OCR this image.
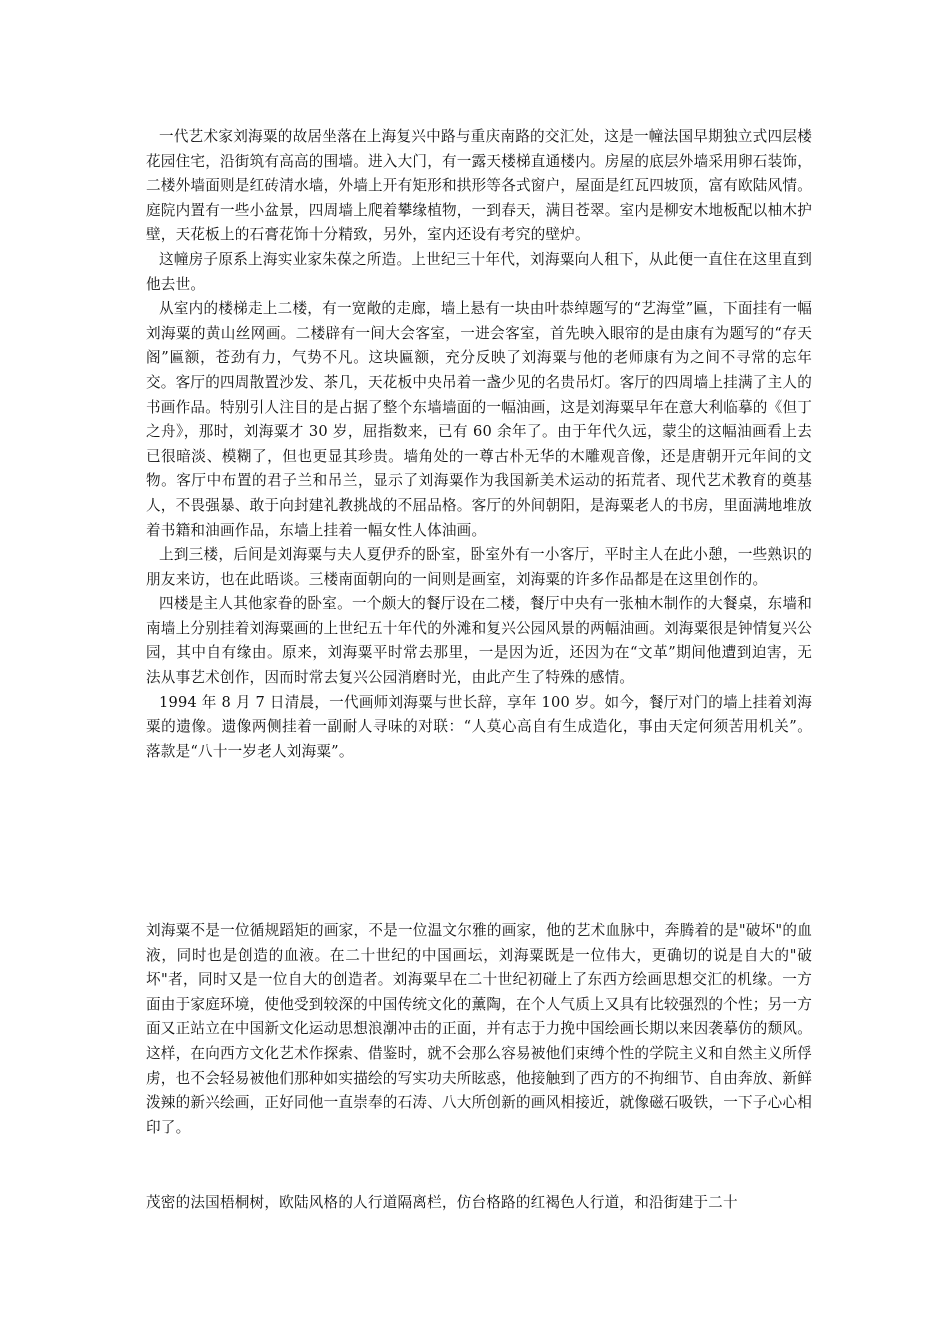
一代艺术家刘海粟的故居坐落在上海复兴中路与重庆南路的交汇处，这是一幢法国早期独立式四层楼花园住宅，沿街筑有高高的围墙。进入大门，有一露天楼梯直通楼内。房屋的底层外墙采用卵石装饰，二楼外墙面则是红砖清水墙，外墙上开有矩形和拱形等各式窗户，屋面是红瓦四坡顶，富有欧陆风情。庭院内置有一些小盆景，四周墙上爬着攀缘植物，一到春天，满目苍翠。室内是柳安木地板配以柚木护壁，天花板上的石膏花饰十分精致，另外，室内还设有考究的壁炉。

这幢房子原系上海实业家朱葆之所造。上世纪三十年代，刘海粟向人租下，从此便一直住在这里直到他去世。

从室内的楼梯走上二楼，有一宽敞的走廊，墙上悬有一块由叶恭绰题写的“艺海堂”匾，下面挂有一幅刘海粟的黄山丝网画。二楼辟有一间大会客室，一进会客室，首先映入眼帘的是由康有为题写的“存天阁”匾额，苍劲有力，气势不凡。这块匾额，充分反映了刘海粟与他的老师康有为之间不寻常的忘年交。客厅的四周散置沙发、茶几，天花板中央吊着一盏少见的名贵吊灯。客厅的四周墙上挂满了主人的书画作品。特别引人注目的是占据了整个东墙墙面的一幅油画，这是刘海粟早年在意大利临摹的《但丁之舟》，那时，刘海粟才 30 岁，屈指数来，已有 60 余年了。由于年代久远，蒙尘的这幅油画看上去已很暗淡、模糊了，但也更显其珍贵。墙角处的一尊古朴无华的木雕观音像，还是唐朝开元年间的文物。客厅中布置的君子兰和吊兰，显示了刘海粟作为我国新美术运动的拓荒者、现代艺术教育的奠基人，不畏强暴、敢于向封建礼教挑战的不屈品格。客厅的外间朝阳，是海粟老人的书房，里面满地堆放着书籍和油画作品，东墙上挂着一幅女性人体油画。

上到三楼，后间是刘海粟与夫人夏伊乔的卧室，卧室外有一小客厅，平时主人在此小憩，一些熟识的朋友来访，也在此晤谈。三楼南面朝向的一间则是画室，刘海粟的许多作品都是在这里创作的。

四楼是主人其他家眷的卧室。一个颇大的餐厅设在二楼，餐厅中央有一张柚木制作的大餐桌，东墙和南墙上分别挂着刘海粟画的上世纪五十年代的外滩和复兴公园风景的两幅油画。刘海粟很是钟情复兴公园，其中自有缘由。原来，刘海粟平时常去那里，一是因为近，还因为在“文革”期间他遭到迫害，无法从事艺术创作，因而时常去复兴公园消磨时光，由此产生了特殊的感情。

1994 年 8 月 7 日清晨，一代画师刘海粟与世长辞，享年 100 岁。如今，餐厅对门的墙上挂着刘海粟的遗像。遗像两侧挂着一副耐人寻味的对联：“人莫心高自有生成造化，事由天定何须苦用机关”。落款是“八十一岁老人刘海粟”。

刘海粟不是一位循规蹈矩的画家，不是一位温文尔雅的画家，他的艺术血脉中，奔腾着的是"破坏"的血液，同时也是创造的血液。在二十世纪的中国画坛，刘海粟既是一位伟大，更确切的说是自大的"破坏"者，同时又是一位自大的创造者。刘海粟早在二十世纪初碰上了东西方绘画思想交汇的机缘。一方面由于家庭环境，使他受到较深的中国传统文化的薰陶，在个人气质上又具有比较强烈的个性；另一方面又正站立在中国新文化运动思想浪潮冲击的正面，并有志于力挽中国绘画长期以来因袭摹仿的颓风。这样，在向西方文化艺术作探索、借鉴时，就不会那么容易被他们束缚个性的学院主义和自然主义所俘虏，也不会轻易被他们那种如实描绘的写实功夫所眩惑，他接触到了西方的不拘细节、自由奔放、新鲜泼辣的新兴绘画，正好同他一直崇奉的石涛、八大所创新的画风相接近，就像磁石吸铁，一下子心心相印了。

茂密的法国梧桐树，欧陆风格的人行道隔离栏，仿台格路的红褐色人行道，和沿街建于二十
